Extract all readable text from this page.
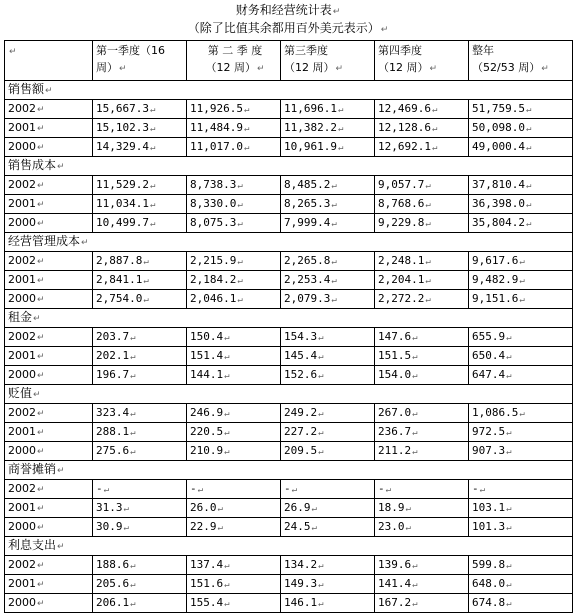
财务和经营统计表↵
（除了比值其余都用百外美元表示）↵
↵	第一季度（16
周）↵	第 二 季 度
（12 周）↵	第三季度
（12 周）↵	第四季度
（12 周）↵	整年
（52/53 周）↵

销售额↵					
2002↵	15,667.3↵	11,926.5↵	11,696.1↵	12,469.6↵	51,759.5↵
2001↵	15,102.3↵	11,484.9↵	11,382.2↵	12,128.6↵	50,098.0↵
2000↵	14,329.4↵	11,017.0↵	10,961.9↵	12,692.1↵	49,000.4↵
销售成本↵					
2002↵	11,529.2↵	8,738.3↵	8,485.2↵	9,057.7↵	37,810.4↵
2001↵	11,034.1↵	8,330.0↵	8,265.3↵	8,768.6↵	36,398.0↵
2000↵	10,499.7↵	8,075.3↵	7,999.4↵	9,229.8↵	35,804.2↵
经营管理成本↵					
2002↵	2,887.8↵	2,215.9↵	2,265.8↵	2,248.1↵	9,617.6↵
2001↵	2,841.1↵	2,184.2↵	2,253.4↵	2,204.1↵	9,482.9↵
2000↵	2,754.0↵	2,046.1↵	2,079.3↵	2,272.2↵	9,151.6↵
租金↵					
2002↵	203.7↵	150.4↵	154.3↵	147.6↵	655.9↵
2001↵	202.1↵	151.4↵	145.4↵	151.5↵	650.4↵
2000↵	196.7↵	144.1↵	152.6↵	154.0↵	647.4↵
贬值↵					
2002↵	323.4↵	246.9↵	249.2↵	267.0↵	1,086.5↵
2001↵	288.1↵	220.5↵	227.2↵	236.7↵	972.5↵
2000↵	275.6↵	210.9↵	209.5↵	211.2↵	907.3↵
商誉摊销↵					
2002↵	-↵	-↵	-↵	-↵	-↵
2001↵	31.3↵	26.0↵	26.9↵	18.9↵	103.1↵
2000↵	30.9↵	22.9↵	24.5↵	23.0↵	101.3↵
利息支出↵					
2002↵	188.6↵	137.4↵	134.2↵	139.6↵	599.8↵
2001↵	205.6↵	151.6↵	149.3↵	141.4↵	648.0↵
2000↵	206.1↵	155.4↵	146.1↵	167.2↵	674.8↵
